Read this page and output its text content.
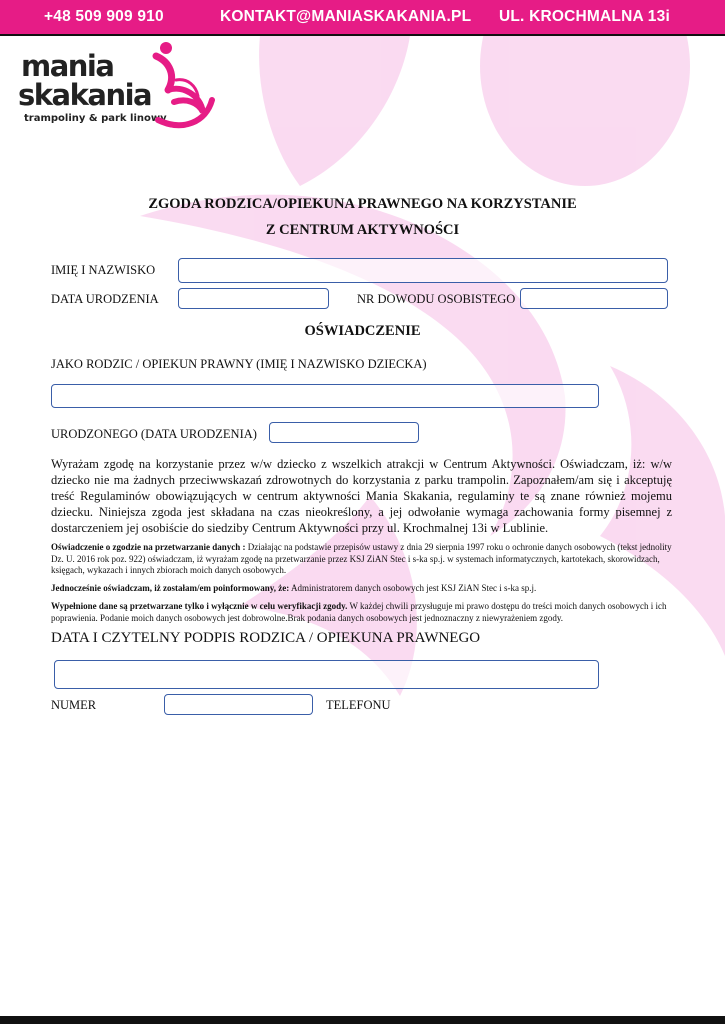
+48 509 909 910	KONTAKT@MANIASKAKANIA.PL UL. KROCHMALNA 13i
mania
skakania
trampoliny & park linowy
ZGODA RODZICA/OPIEKUNA PRAWNEGO NA KORZYSTANIE
Z CENTRUM AKTYWNOŚCI
IMIĘ I NAZWISKO
DATA URODZENIA	NR DOWODU OSOBISTEGO
OŚWIADCZENIE
JAKO RODZIC / OPIEKUN PRAWNY (IMIĘ I NAZWISKO DZIECKA)
URODZONEGO (DATA URODZENIA)
Wyrażam zgodę na korzystanie przez w/w dziecko z wszelkich atrakcji w Centrum Aktywności. Oświadczam, iż: w/w dziecko nie ma żadnych przeciwwskazań zdrowotnych do korzystania z parku trampolin. Zapoznałem/am się i akceptuję treść Regulaminów obowiązujących w centrum aktywności Mania Skakania, regulaminy te są znane również mojemu dziecku. Niniejsza zgoda jest składana na czas nieokreślony, a jej odwołanie wymaga zachowania formy pisemnej z dostarczeniem jej osobiście do siedziby Centrum Aktywności przy ul. Krochmalnej 13i w Lublinie.
Oświadczenie o zgodzie na przetwarzanie danych : Działając na podstawie przepisów ustawy z dnia 29 sierpnia 1997 roku o ochronie danych osobowych (tekst jednolity Dz. U. 2016 rok poz. 922) oświadczam, iż wyrażam zgodę na przetwarzanie przez KSJ ZiAN Stec i s-ka sp.j. w systemach informatycznych, kartotekach, skorowidzach, księgach, wykazach i innych zbiorach moich danych osobowych.
Jednocześnie oświadczam, iż zostałam/em poinformowany, że: Administratorem danych osobowych jest KSJ ZiAN Stec i s-ka sp.j.
Wypełnione dane są przetwarzane tylko i wyłącznie w celu weryfikacji zgody. W każdej chwili przysługuje mi prawo dostępu do treści moich danych osobowych i ich poprawienia. Podanie moich danych osobowych jest dobrowolne.Brak podania danych osobowych jest jednoznaczny z niewyrażeniem zgody.
DATA I CZYTELNY PODPIS RODZICA / OPIEKUNA PRAWNEGO
NUMER	TELEFONU
